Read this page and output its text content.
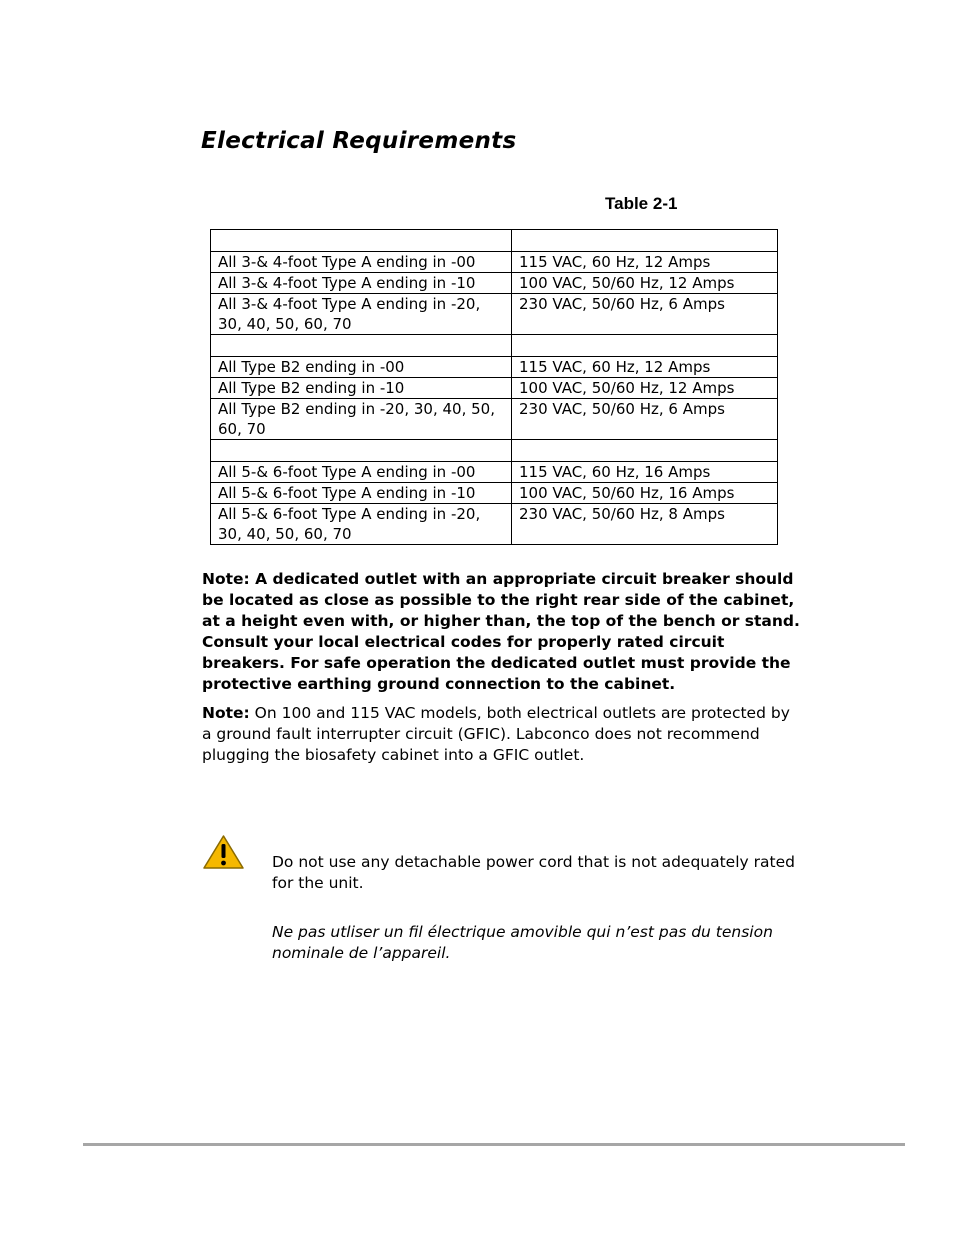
Electrical Requirements
Table 2-1

All 3-& 4-foot Type A ending in -00	115 VAC, 60 Hz, 12 Amps
All 3-& 4-foot Type A ending in -10	100 VAC, 50/60 Hz, 12 Amps
All 3-& 4-foot Type A ending in -20, 30, 40, 50, 60, 70	230 VAC, 50/60 Hz, 6 Amps

All Type B2 ending in -00	115 VAC, 60 Hz, 12 Amps
All Type B2 ending in -10	100 VAC, 50/60 Hz, 12 Amps
All Type B2 ending in -20, 30, 40, 50, 60, 70	230 VAC, 50/60 Hz, 6 Amps

All 5-& 6-foot Type A ending in -00	115 VAC, 60 Hz, 16 Amps
All 5-& 6-foot Type A ending in -10	100 VAC, 50/60 Hz, 16 Amps
All 5-& 6-foot Type A ending in -20, 30, 40, 50, 60, 70	230 VAC, 50/60 Hz, 8 Amps

Note: A dedicated outlet with an appropriate circuit breaker should be located as close as possible to the right rear side of the cabinet, at a height even with, or higher than, the top of the bench or stand. Consult your local electrical codes for properly rated circuit breakers. For safe operation the dedicated outlet must provide the protective earthing ground connection to the cabinet.

Note: On 100 and 115 VAC models, both electrical outlets are protected by a ground fault interrupter circuit (GFIC). Labconco does not recommend plugging the biosafety cabinet into a GFIC outlet.

Do not use any detachable power cord that is not adequately rated for the unit.

Ne pas utliser un fil électrique amovible qui n’est pas du tension nominale de l’appareil.
